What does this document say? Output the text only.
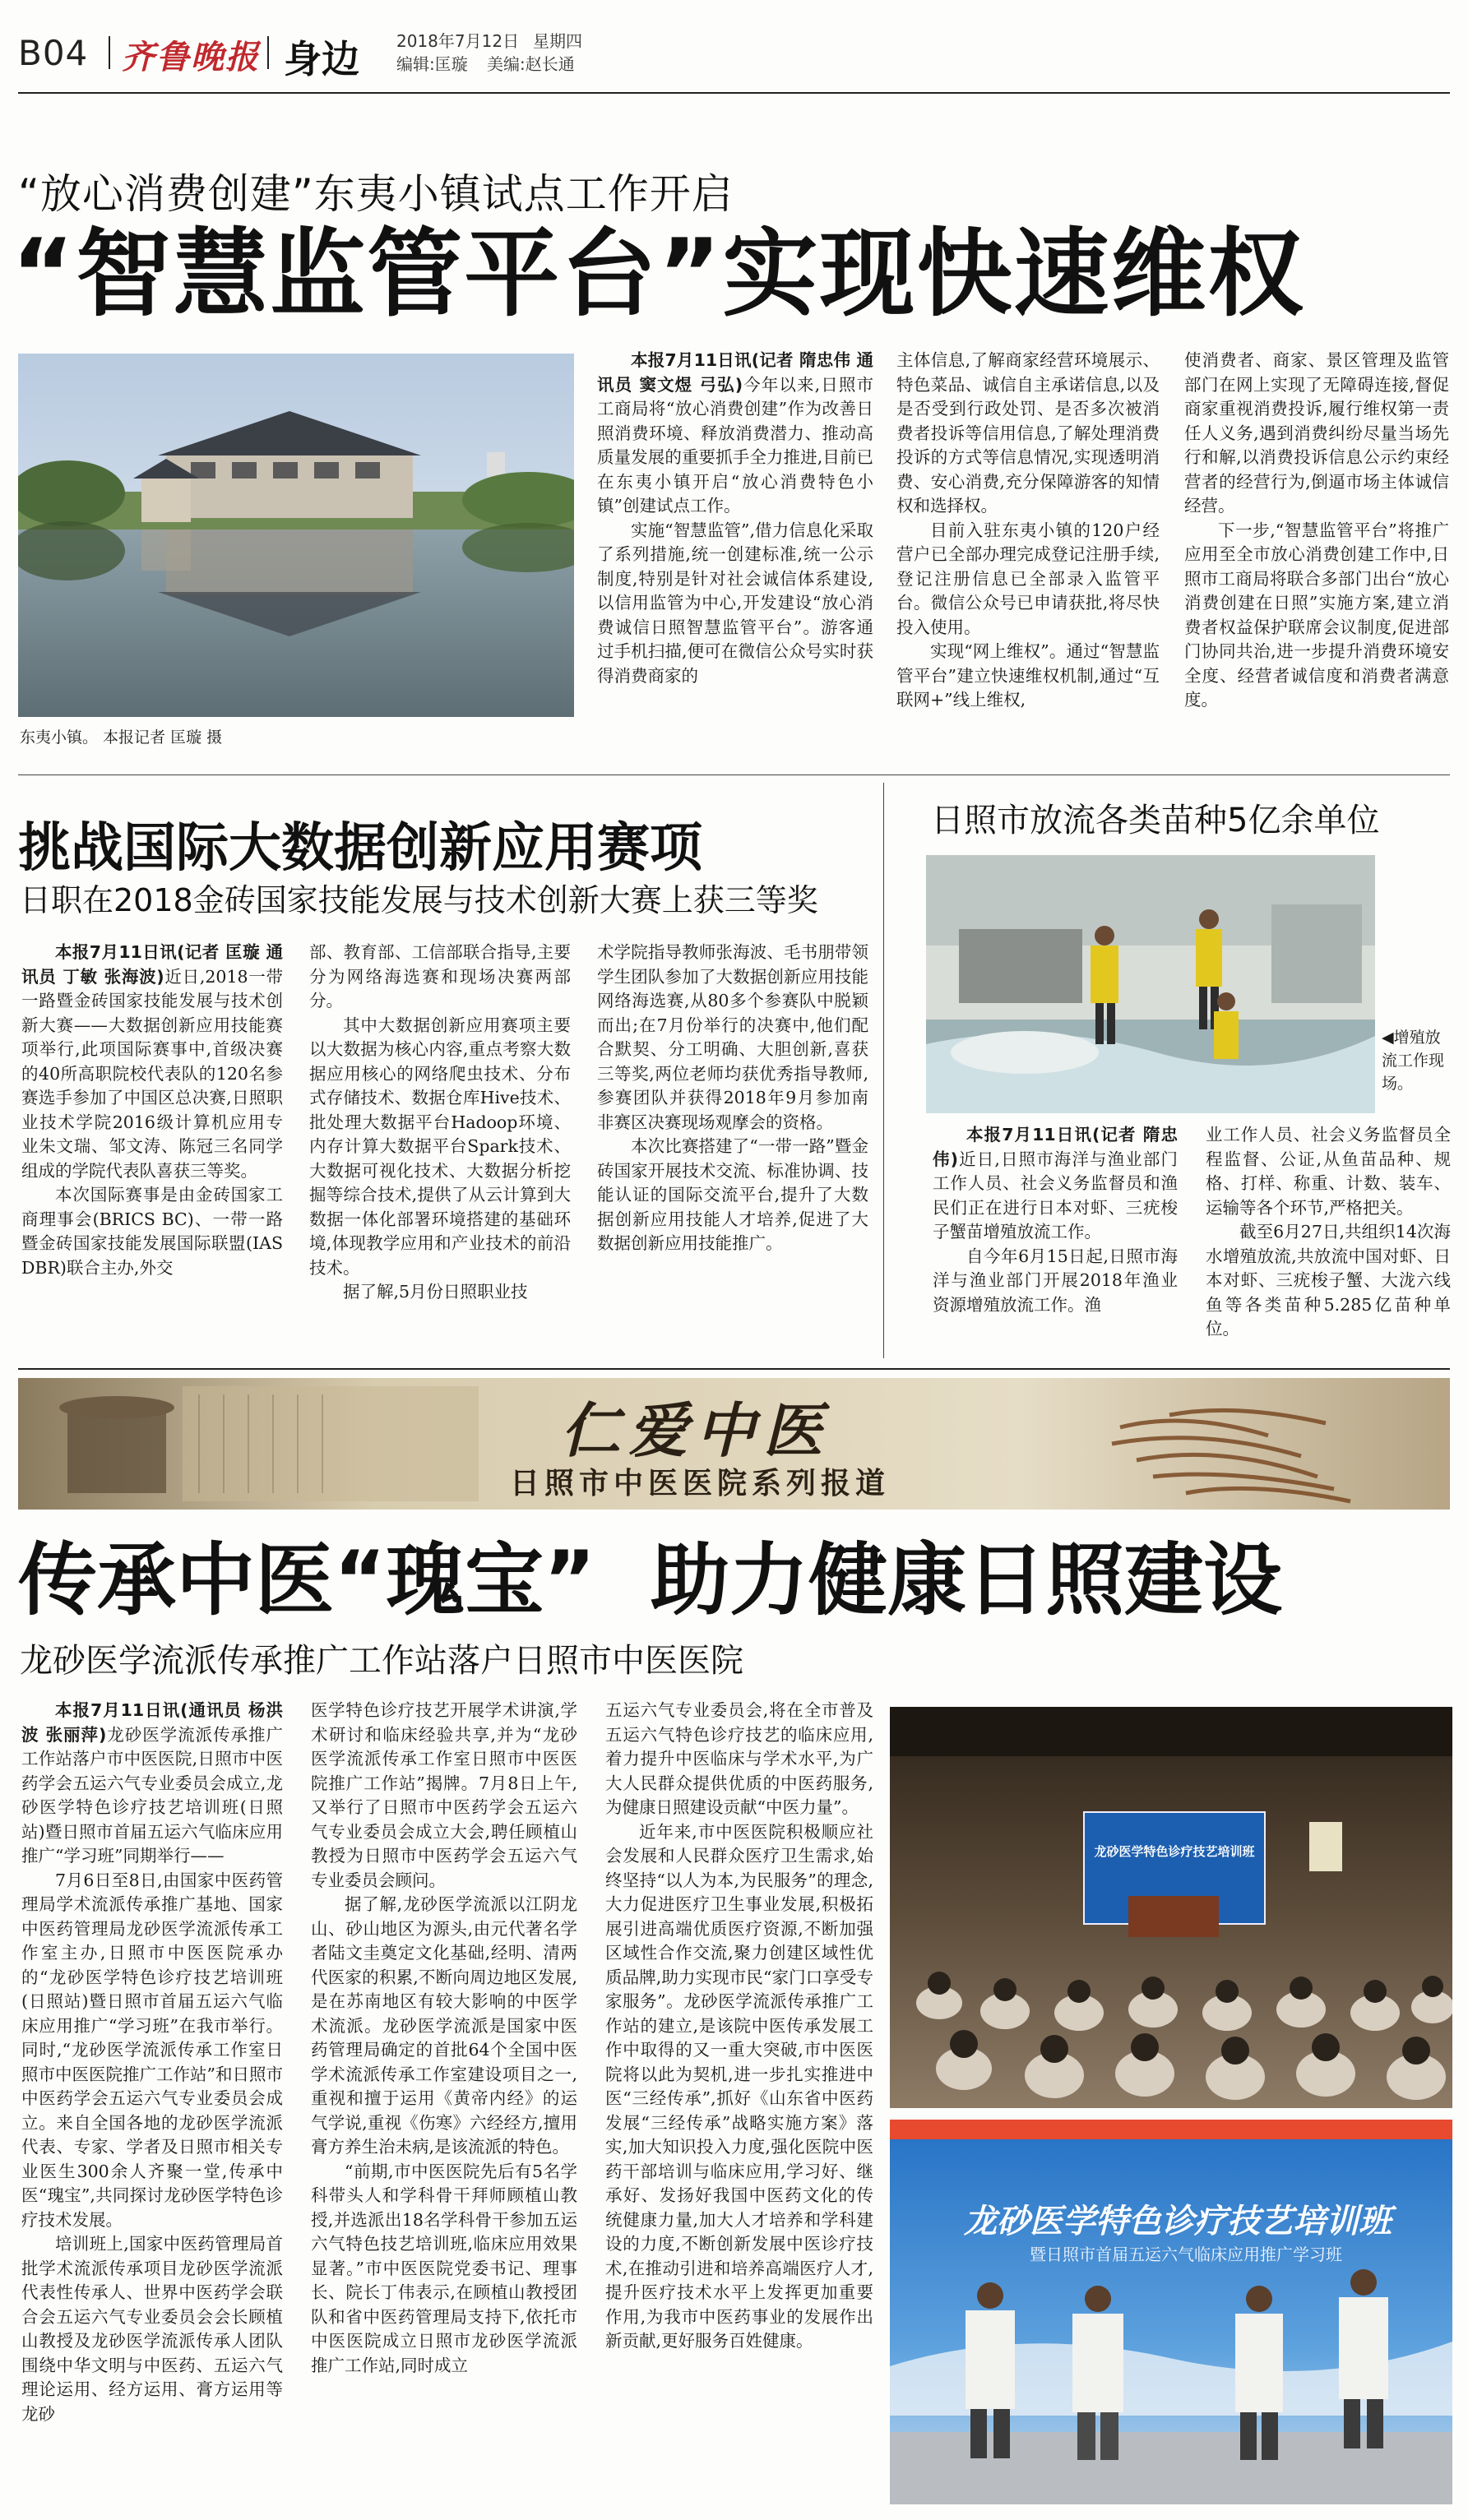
B04 齐鲁晚报 身边 2018年7月12日 星期四
编辑:匡璇 美编:赵长通
“放心消费创建”东夷小镇试点工作开启
“智慧监管平台”实现快速维权
东夷小镇。 本报记者 匡璇 摄

本报7月11日讯(记者 隋忠伟 通讯员 窦文煜 弓弘)今年以来,日照市工商局将“放心消费创建”作为改善日照消费环境、释放消费潜力、推动高质量发展的重要抓手全力推进,目前已在东夷小镇开启“放心消费特色小镇”创建试点工作。

实施“智慧监管”,借力信息化采取了系列措施,统一创建标准,统一公示制度,特别是针对社会诚信体系建设,以信用监管为中心,开发建设“放心消费诚信日照智慧监管平台”。游客通过手机扫描,便可在微信公众号实时获得消费商家的

主体信息,了解商家经营环境展示、特色菜品、诚信自主承诺信息,以及是否受到行政处罚、是否多次被消费者投诉等信用信息,了解处理消费投诉的方式等信息情况,实现透明消费、安心消费,充分保障游客的知情权和选择权。

目前入驻东夷小镇的120户经营户已全部办理完成登记注册手续,登记注册信息已全部录入监管平台。微信公众号已申请获批,将尽快投入使用。

实现“网上维权”。通过“智慧监管平台”建立快速维权机制,通过“互联网+”线上维权,

使消费者、商家、景区管理及监管部门在网上实现了无障碍连接,督促商家重视消费投诉,履行维权第一责任人义务,遇到消费纠纷尽量当场先行和解,以消费投诉信息公示约束经营者的经营行为,倒逼市场主体诚信经营。

下一步,“智慧监管平台”将推广应用至全市放心消费创建工作中,日照市工商局将联合多部门出台“放心消费创建在日照”实施方案,建立消费者权益保护联席会议制度,促进部门协同共治,进一步提升消费环境安全度、经营者诚信度和消费者满意度。

挑战国际大数据创新应用赛项
日职在2018金砖国家技能发展与技术创新大赛上获三等奖

本报7月11日讯(记者 匡璇 通讯员 丁敏 张海波)近日,2018一带一路暨金砖国家技能发展与技术创新大赛——大数据创新应用技能赛项举行,此项国际赛事中,首级决赛的40所高职院校代表队的120名参赛选手参加了中国区总决赛,日照职业技术学院2016级计算机应用专业朱文瑞、邹文涛、陈冠三名同学组成的学院代表队喜获三等奖。

本次国际赛事是由金砖国家工商理事会(BRICS BC)、一带一路暨金砖国家技能发展国际联盟(IASDBR)联合主办,外交

部、教育部、工信部联合指导,主要分为网络海选赛和现场决赛两部分。

其中大数据创新应用赛项主要以大数据为核心内容,重点考察大数据应用核心的网络爬虫技术、分布式存储技术、数据仓库Hive技术、批处理大数据平台Hadoop环境、内存计算大数据平台Spark技术、大数据可视化技术、大数据分析挖掘等综合技术,提供了从云计算到大数据一体化部署环境搭建的基础环境,体现教学应用和产业技术的前沿技术。

据了解,5月份日照职业技

术学院指导教师张海波、毛书朋带领学生团队参加了大数据创新应用技能网络海选赛,从80多个参赛队中脱颖而出;在7月份举行的决赛中,他们配合默契、分工明确、大胆创新,喜获三等奖,两位老师均获优秀指导教师,参赛团队并获得2018年9月参加南非赛区决赛现场观摩会的资格。

本次比赛搭建了“一带一路”暨金砖国家开展技术交流、标准协调、技能认证的国际交流平台,提升了大数据创新应用技能人才培养,促进了大数据创新应用技能推广。

日照市放流各类苗种5亿余单位
◀增殖放流工作现场。

本报7月11日讯(记者 隋忠伟)近日,日照市海洋与渔业部门工作人员、社会义务监督员和渔民们正在进行日本对虾、三疣梭子蟹苗增殖放流工作。

自今年6月15日起,日照市海洋与渔业部门开展2018年渔业资源增殖放流工作。渔

业工作人员、社会义务监督员全程监督、公证,从鱼苗品种、规格、打样、称重、计数、装车、运输等各个环节,严格把关。

截至6月27日,共组织14次海水增殖放流,共放流中国对虾、日本对虾、三疣梭子蟹、大泷六线鱼等各类苗种5.285亿苗种单位。

仁爱中医
日照市中医医院系列报道
传承中医“瑰宝”  助力健康日照建设
龙砂医学流派传承推广工作站落户日照市中医医院

本报7月11日讯(通讯员 杨洪波 张丽萍)龙砂医学流派传承推广工作站落户市中医医院,日照市中医药学会五运六气专业委员会成立,龙砂医学特色诊疗技艺培训班(日照站)暨日照市首届五运六气临床应用推广“学习班”同期举行——

7月6日至8日,由国家中医药管理局学术流派传承推广基地、国家中医药管理局龙砂医学流派传承工作室主办,日照市中医医院承办的“龙砂医学特色诊疗技艺培训班(日照站)暨日照市首届五运六气临床应用推广“学习班”在我市举行。同时,“龙砂医学流派传承工作室日照市中医医院推广工作站”和日照市中医药学会五运六气专业委员会成立。来自全国各地的龙砂医学流派代表、专家、学者及日照市相关专业医生300余人齐聚一堂,传承中医“瑰宝”,共同探讨龙砂医学特色诊疗技术发展。

培训班上,国家中医药管理局首批学术流派传承项目龙砂医学流派代表性传承人、世界中医药学会联合会五运六气专业委员会会长顾植山教授及龙砂医学流派传承人团队围绕中华文明与中医药、五运六气理论运用、经方运用、膏方运用等龙砂

医学特色诊疗技艺开展学术讲演,学术研讨和临床经验共享,并为“龙砂医学流派传承工作室日照市中医医院推广工作站”揭牌。7月8日上午,又举行了日照市中医药学会五运六气专业委员会成立大会,聘任顾植山教授为日照市中医药学会五运六气专业委员会顾问。

据了解,龙砂医学流派以江阴龙山、砂山地区为源头,由元代著名学者陆文圭奠定文化基础,经明、清两代医家的积累,不断向周边地区发展,是在苏南地区有较大影响的中医学术流派。龙砂医学流派是国家中医药管理局确定的首批64个全国中医学术流派传承工作室建设项目之一,重视和擅于运用《黄帝内经》的运气学说,重视《伤寒》六经经方,擅用膏方养生治未病,是该流派的特色。

“前期,市中医医院先后有5名学科带头人和学科骨干拜师顾植山教授,并选派出18名学科骨干参加五运六气特色技艺培训班,临床应用效果显著。”市中医医院党委书记、理事长、院长丁伟表示,在顾植山教授团队和省中医药管理局支持下,依托市中医医院成立日照市龙砂医学流派推广工作站,同时成立

五运六气专业委员会,将在全市普及五运六气特色诊疗技艺的临床应用,着力提升中医临床与学术水平,为广大人民群众提供优质的中医药服务,为健康日照建设贡献“中医力量”。

近年来,市中医医院积极顺应社会发展和人民群众医疗卫生需求,始终坚持“以人为本,为民服务”的理念,大力促进医疗卫生事业发展,积极拓展引进高端优质医疗资源,不断加强区域性合作交流,聚力创建区域性优质品牌,助力实现市民“家门口享受专家服务”。龙砂医学流派传承推广工作站的建立,是该院中医传承发展工作中取得的又一重大突破,市中医医院将以此为契机,进一步扎实推进中医“三经传承”,抓好《山东省中医药发展“三经传承”战略实施方案》落实,加大知识投入力度,强化医院中医药干部培训与临床应用,学习好、继承好、发扬好我国中医药文化的传统健康力量,加大人才培养和学科建设的力度,不断创新发展中医诊疗技术,在推动引进和培养高端医疗人才,提升医疗技术水平上发挥更加重要作用,为我市中医药事业的发展作出新贡献,更好服务百姓健康。

龙砂医学特色诊疗技艺培训班
龙砂医学特色诊疗技艺培训班
暨日照市首届五运六气临床应用推广学习班
